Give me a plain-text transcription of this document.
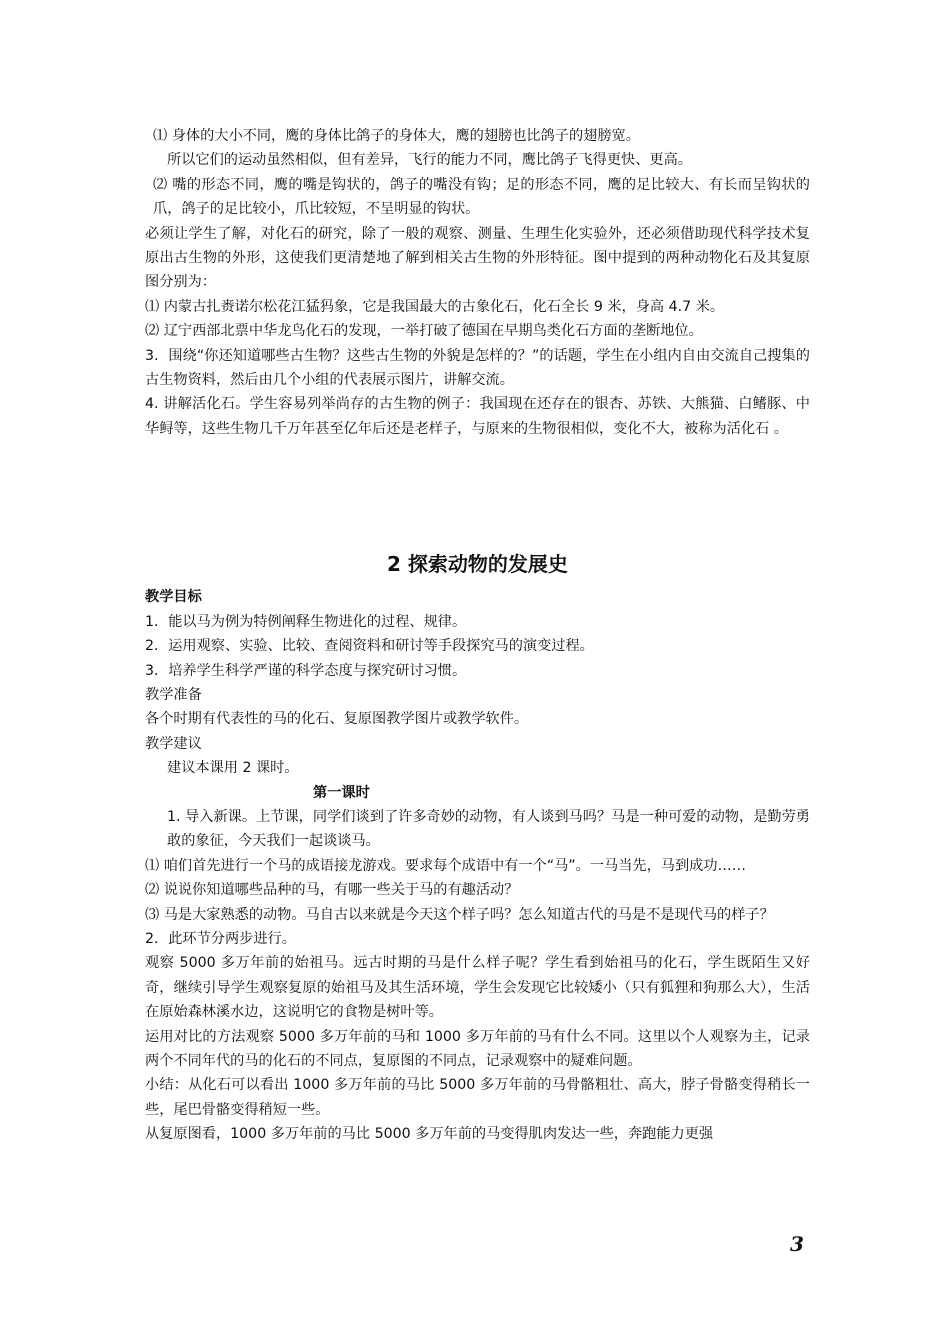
⑴ 身体的大小不同，鹰的身体比鸽子的身体大，鹰的翅膀也比鸽子的翅膀宽。

所以它们的运动虽然相似，但有差异，飞行的能力不同，鹰比鸽子飞得更快、更高。

⑵ 嘴的形态不同，鹰的嘴是钩状的，鸽子的嘴没有钩；足的形态不同，鹰的足比较大、有长而呈钩状的爪，鸽子的足比较小，爪比较短，不呈明显的钩状。

必须让学生了解，对化石的研究，除了一般的观察、测量、生理生化实验外，还必须借助现代科学技术复原出古生物的外形，这使我们更清楚地了解到相关古生物的外形特征。图中提到的两种动物化石及其复原图分别为：

⑴ 内蒙古扎赉诺尔松花江猛犸象，它是我国最大的古象化石，化石全长 9 米，身高 4.7 米。

⑵ 辽宁西部北票中华龙鸟化石的发现，一举打破了德国在早期鸟类化石方面的垄断地位。

3．围绕“你还知道哪些古生物？这些古生物的外貌是怎样的？”的话题，学生在小组内自由交流自己搜集的古生物资料，然后由几个小组的代表展示图片，讲解交流。

4. 讲解活化石。学生容易列举尚存的古生物的例子：我国现在还存在的银杏、苏铁、大熊猫、白鳍豚、中华鲟等，这些生物几千万年甚至亿年后还是老样子，与原来的生物很相似，变化不大，被称为活化石 。

2 探索动物的发展史

教学目标

1．能以马为例为特例阐释生物进化的过程、规律。

2．运用观察、实验、比较、查阅资料和研讨等手段探究马的演变过程。

3．培养学生科学严谨的科学态度与探究研讨习惯。

教学准备

各个时期有代表性的马的化石、复原图教学图片或教学软件。

教学建议

建议本课用 2 课时。

第一课时

1. 导入新课。上节课，同学们谈到了许多奇妙的动物，有人谈到马吗？马是一种可爱的动物，是勤劳勇敢的象征，今天我们一起谈谈马。

⑴ 咱们首先进行一个马的成语接龙游戏。要求每个成语中有一个“马”。一马当先，马到成功……

⑵ 说说你知道哪些品种的马，有哪一些关于马的有趣活动？

⑶ 马是大家熟悉的动物。马自古以来就是今天这个样子吗？怎么知道古代的马是不是现代马的样子？

2．此环节分两步进行。

观察 5000 多万年前的始祖马。远古时期的马是什么样子呢？学生看到始祖马的化石，学生既陌生又好奇，继续引导学生观察复原的始祖马及其生活环境，学生会发现它比较矮小（只有狐狸和狗那么大），生活在原始森林溪水边，这说明它的食物是树叶等。

运用对比的方法观察 5000 多万年前的马和 1000 多万年前的马有什么不同。这里以个人观察为主，记录两个不同年代的马的化石的不同点，复原图的不同点，记录观察中的疑难问题。

小结：从化石可以看出 1000 多万年前的马比 5000 多万年前的马骨骼粗壮、高大，脖子骨骼变得稍长一些，尾巴骨骼变得稍短一些。

从复原图看，1000 多万年前的马比 5000 多万年前的马变得肌肉发达一些，奔跑能力更强

3
